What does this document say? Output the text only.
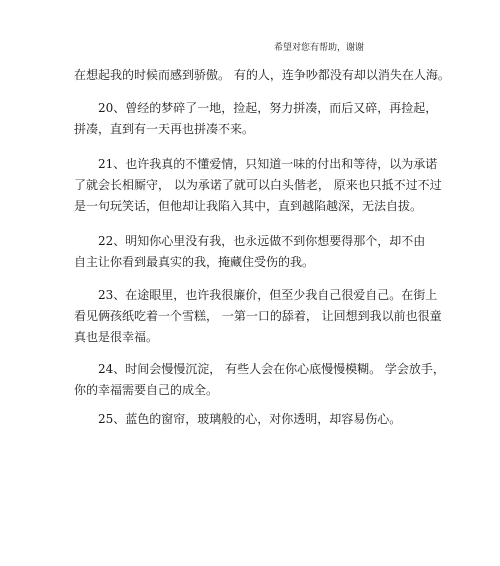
希望对您有帮助，谢谢
在想起我的时候而感到骄傲。 有的人，连争吵都没有却以消失在人海。
20、曾经的梦碎了一地，捡起，努力拼凑，而后又碎，再捡起，
拼凑，直到有一天再也拼凑不来。
21、也许我真的不懂爱情，只知道一味的付出和等待，以为承诺
了就会长相厮守， 以为承诺了就可以白头偕老， 原来也只抵不过不过
是一句玩笑话，但他却让我陷入其中，直到越陷越深，无法自拔。
22、明知你心里没有我，也永远做不到你想要得那个，却不由
自主让你看到最真实的我，掩藏住受伤的我。
23、在途眼里，也许我很廉价，但至少我自己很爱自己。在街上
看见俩孩纸吃着一个雪糕， 一第一口的舔着， 让回想到我以前也很童
真也是很幸福。
24、时间会慢慢沉淀， 有些人会在你心底慢慢模糊。 学会放手，
你的幸福需要自己的成全。
25、蓝色的窗帘，玻璃般的心，对你透明，却容易伤心。
